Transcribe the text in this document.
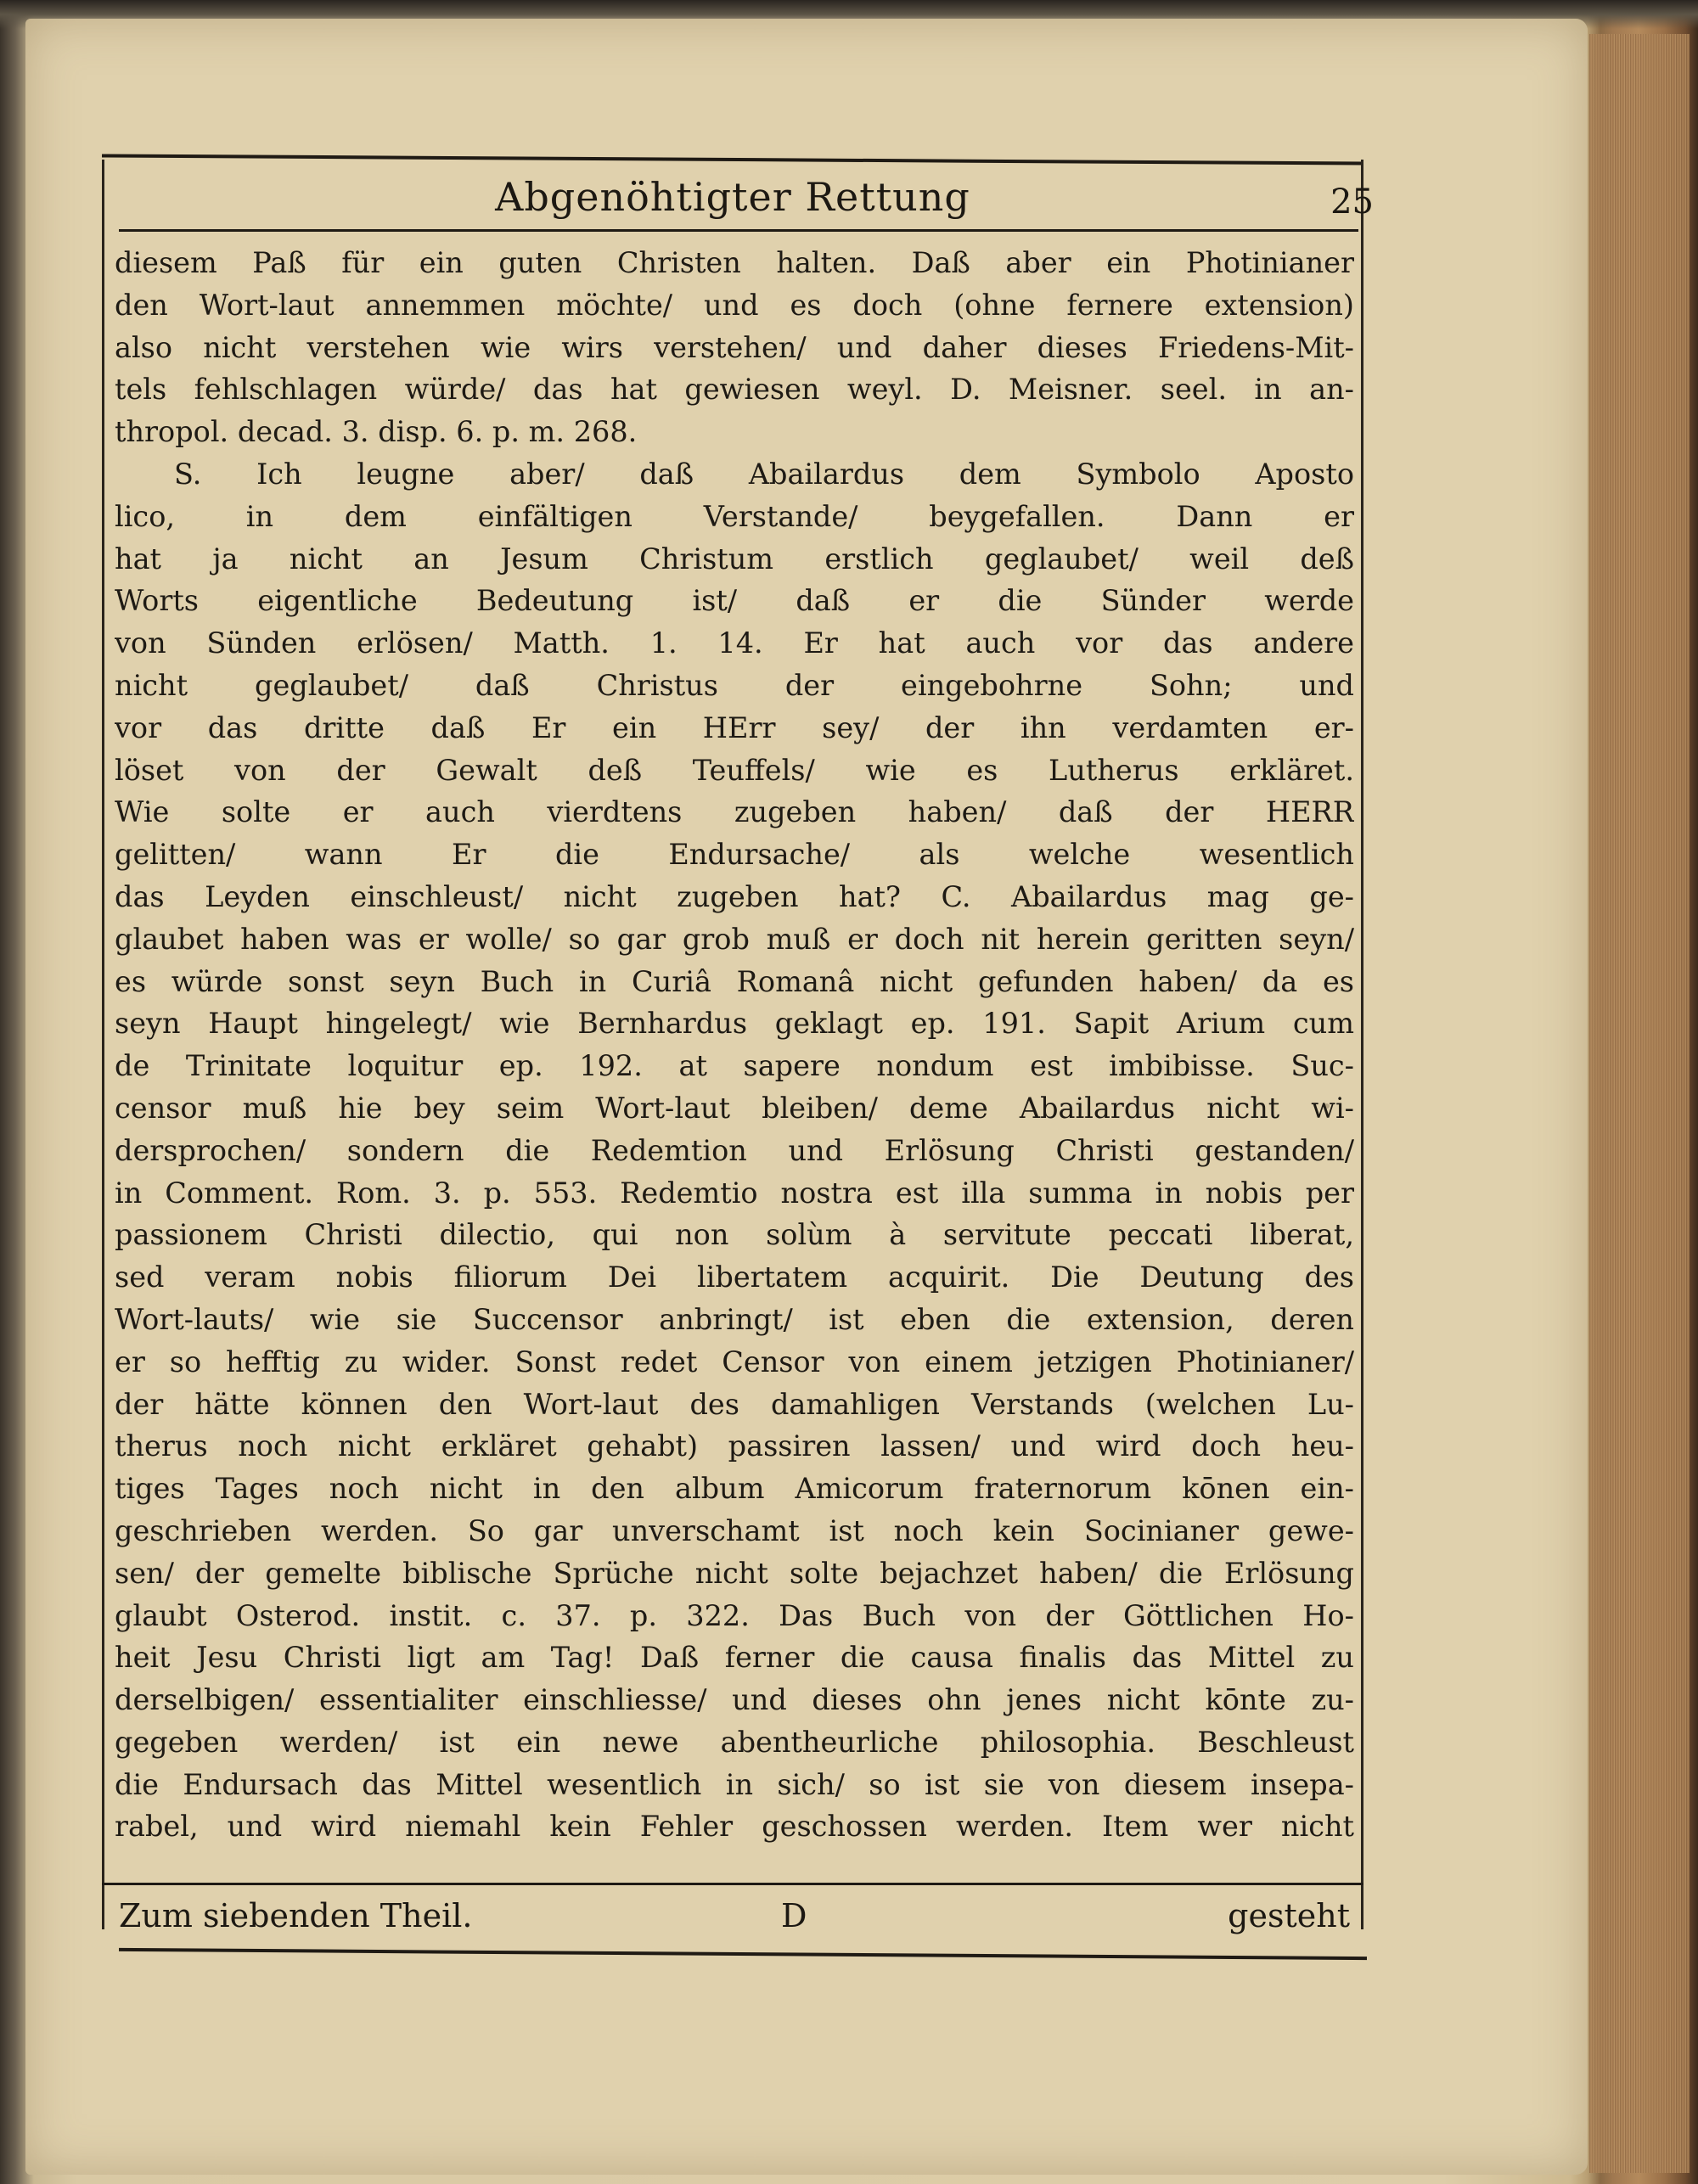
Abgenöhtigter Rettung	25
diesem Paß für ein guten Christen halten. Daß aber ein Photinianer
den Wort-laut annemmen möchte/ und es doch (ohne fernere extension)
also nicht verstehen wie wirs verstehen/ und daher dieses Friedens-Mit-
tels fehlschlagen würde/ das hat gewiesen weyl. D. Meisner. seel. in an-
thropol. decad. 3. disp. 6. p. m. 268.
S. Ich leugne aber/ daß Abailardus dem Symbolo Aposto
lico, in dem einfältigen Verstande/ beygefallen. Dann er
hat ja nicht an Jesum Christum erstlich geglaubet/ weil deß
Worts eigentliche Bedeutung ist/ daß er die Sünder werde
von Sünden erlösen/ Matth. 1. 14. Er hat auch vor das andere
nicht geglaubet/ daß Christus der eingebohrne Sohn; und
vor das dritte daß Er ein HErr sey/ der ihn verdamten er-
löset von der Gewalt deß Teuffels/ wie es Lutherus erkläret.
Wie solte er auch vierdtens zugeben haben/ daß der HERR
gelitten/ wann Er die Endursache/ als welche wesentlich
das Leyden einschleust/ nicht zugeben hat? C. Abailardus mag ge-
glaubet haben was er wolle/ so gar grob muß er doch nit herein geritten seyn/
es würde sonst seyn Buch in Curiâ Romanâ nicht gefunden haben/ da es
seyn Haupt hingelegt/ wie Bernhardus geklagt ep. 191. Sapit Arium cum
de Trinitate loquitur ep. 192. at sapere nondum est imbibisse. Suc-
censor muß hie bey seim Wort-laut bleiben/ deme Abailardus nicht wi-
dersprochen/ sondern die Redemtion und Erlösung Christi gestanden/
in Comment. Rom. 3. p. 553. Redemtio nostra est illa summa in nobis per
passionem Christi dilectio, qui non solùm à servitute peccati liberat,
sed veram nobis filiorum Dei libertatem acquirit. Die Deutung des
Wort-lauts/ wie sie Succensor anbringt/ ist eben die extension, deren
er so hefftig zu wider. Sonst redet Censor von einem jetzigen Photinianer/
der hätte können den Wort-laut des damahligen Verstands (welchen Lu-
therus noch nicht erkläret gehabt) passiren lassen/ und wird doch heu-
tiges Tages noch nicht in den album Amicorum fraternorum kōnen ein-
geschrieben werden. So gar unverschamt ist noch kein Socinianer gewe-
sen/ der gemelte biblische Sprüche nicht solte bejachzet haben/ die Erlösung
glaubt Osterod. instit. c. 37. p. 322. Das Buch von der Göttlichen Ho-
heit Jesu Christi ligt am Tag! Daß ferner die causa finalis das Mittel zu
derselbigen/ essentialiter einschliesse/ und dieses ohn jenes nicht kōnte zu-
gegeben werden/ ist ein newe abentheurliche philosophia. Beschleust
die Endursach das Mittel wesentlich in sich/ so ist sie von diesem insepa-
rabel, und wird niemahl kein Fehler geschossen werden. Item wer nicht
Zum siebenden Theil.	D	gesteht
